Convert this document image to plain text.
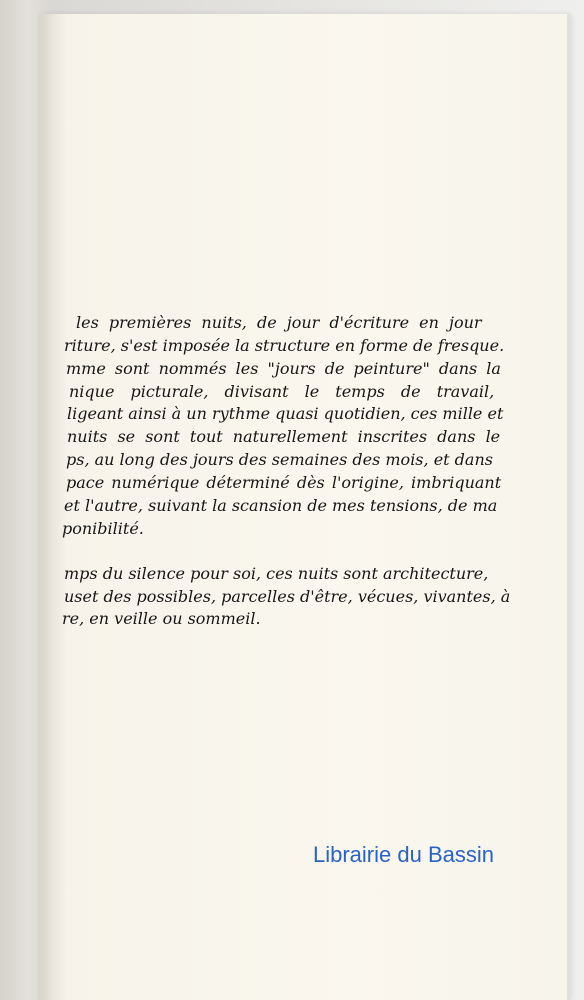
les premières nuits, de jour d'écriture en jour
riture, s'est imposée la structure en forme de fresque.
mme sont nommés les "jours de peinture" dans la
nique picturale, divisant le temps de travail,
ligeant ainsi à un rythme quasi quotidien, ces mille et
nuits se sont tout naturellement inscrites dans le
ps, au long des jours des semaines des mois, et dans
pace numérique déterminé dès l'origine, imbriquant
et l'autre, suivant la scansion de mes tensions, de ma
ponibilité.
mps du silence pour soi, ces nuits sont architecture,
uset des possibles, parcelles d'être, vécues, vivantes, à
re, en veille ou sommeil.
Librairie du Bassin
